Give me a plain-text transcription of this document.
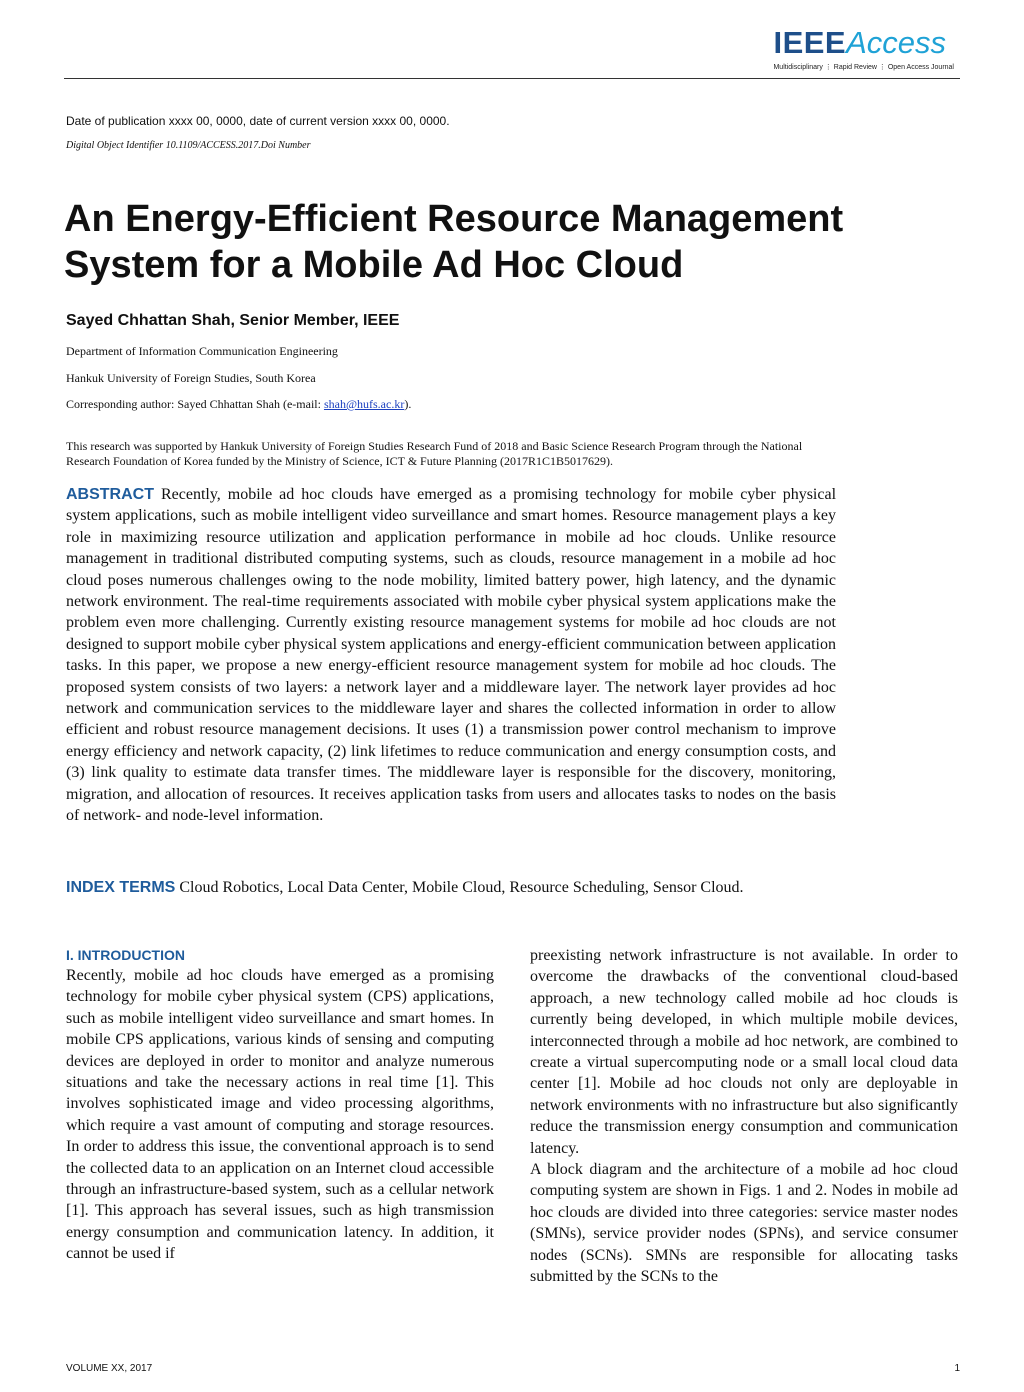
IEEEAccess
Multidisciplinary ⋮ Rapid Review ⋮ Open Access Journal
Date of publication xxxx 00, 0000, date of current version xxxx 00, 0000.
Digital Object Identifier 10.1109/ACCESS.2017.Doi Number
An Energy-Efficient Resource Management System for a Mobile Ad Hoc Cloud
Sayed Chhattan Shah, Senior Member, IEEE
Department of Information Communication Engineering
Hankuk University of Foreign Studies, South Korea
Corresponding author: Sayed Chhattan Shah (e-mail: shah@hufs.ac.kr).

This research was supported by Hankuk University of Foreign Studies Research Fund of 2018 and Basic Science Research Program through the National Research Foundation of Korea funded by the Ministry of Science, ICT & Future Planning (2017R1C1B5017629).

ABSTRACT Recently, mobile ad hoc clouds have emerged as a promising technology for mobile cyber physical system applications, such as mobile intelligent video surveillance and smart homes. Resource management plays a key role in maximizing resource utilization and application performance in mobile ad hoc clouds. Unlike resource management in traditional distributed computing systems, such as clouds, resource management in a mobile ad hoc cloud poses numerous challenges owing to the node mobility, limited battery power, high latency, and the dynamic network environment. The real-time requirements associated with mobile cyber physical system applications make the problem even more challenging. Currently existing resource management systems for mobile ad hoc clouds are not designed to support mobile cyber physical system applications and energy-efficient communication between application tasks. In this paper, we propose a new energy-efficient resource management system for mobile ad hoc clouds. The proposed system consists of two layers: a network layer and a middleware layer. The network layer provides ad hoc network and communication services to the middleware layer and shares the collected information in order to allow efficient and robust resource management decisions. It uses (1) a transmission power control mechanism to improve energy efficiency and network capacity, (2) link lifetimes to reduce communication and energy consumption costs, and (3) link quality to estimate data transfer times. The middleware layer is responsible for the discovery, monitoring, migration, and allocation of resources. It receives application tasks from users and allocates tasks to nodes on the basis of network- and node-level information.

INDEX TERMS Cloud Robotics, Local Data Center, Mobile Cloud, Resource Scheduling, Sensor Cloud.

I. INTRODUCTION

Recently, mobile ad hoc clouds have emerged as a promising technology for mobile cyber physical system (CPS) applications, such as mobile intelligent video surveillance and smart homes. In mobile CPS applications, various kinds of sensing and computing devices are deployed in order to monitor and analyze numerous situations and take the necessary actions in real time [1]. This involves sophisticated image and video processing algorithms, which require a vast amount of computing and storage resources. In order to address this issue, the conventional approach is to send the collected data to an application on an Internet cloud accessible through an infrastructure-based system, such as a cellular network [1]. This approach has several issues, such as high transmission energy consumption and communication latency. In addition, it cannot be used if

preexisting network infrastructure is not available. In order to overcome the drawbacks of the conventional cloud-based approach, a new technology called mobile ad hoc clouds is currently being developed, in which multiple mobile devices, interconnected through a mobile ad hoc network, are combined to create a virtual supercomputing node or a small local cloud data center [1]. Mobile ad hoc clouds not only are deployable in network environments with no infrastructure but also significantly reduce the transmission energy consumption and communication latency.

A block diagram and the architecture of a mobile ad hoc cloud computing system are shown in Figs. 1 and 2. Nodes in mobile ad hoc clouds are divided into three categories: service master nodes (SMNs), service provider nodes (SPNs), and service consumer nodes (SCNs). SMNs are responsible for allocating tasks submitted by the SCNs to the

VOLUME XX, 2017	1
